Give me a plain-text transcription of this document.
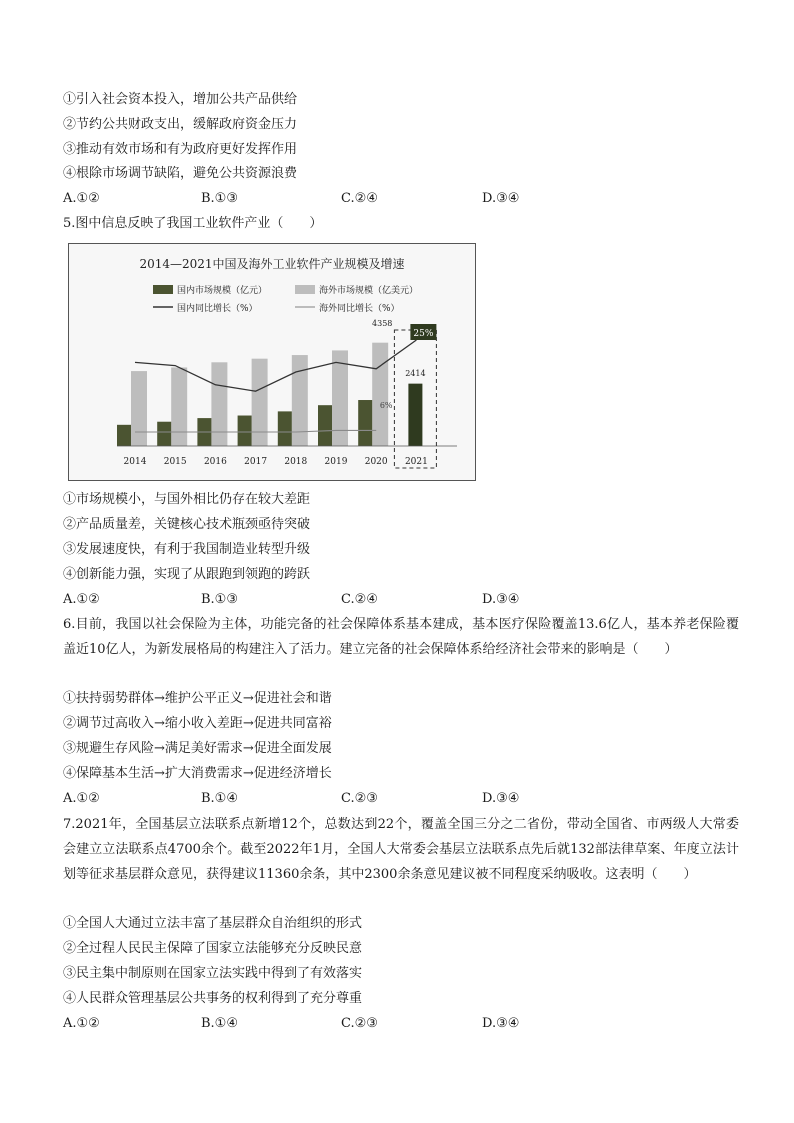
①引入社会资本投入，增加公共产品供给
②节约公共财政支出，缓解政府资金压力
③推动有效市场和有为政府更好发挥作用
④根除市场调节缺陷，避免公共资源浪费
A.①②	B.①③	C.②④	D.③④
5.图中信息反映了我国工业软件产业（　　）
2014—2021中国及海外工业软件产业规模及增速
国内市场规模（亿元）	海外市场规模（亿美元）
国内同比增长（%）	海外同比增长（%）
2014 2015 2016 2017 2018 2019 2020 2021
4358
25%
2414
6%
①市场规模小，与国外相比仍存在较大差距
②产品质量差，关键核心技术瓶颈亟待突破
③发展速度快，有利于我国制造业转型升级
④创新能力强，实现了从跟跑到领跑的跨跃
A.①②	B.①③	C.②④	D.③④
6.目前，我国以社会保险为主体，功能完备的社会保障体系基本建成，基本医疗保险覆盖13.6亿人，基本养老保险覆盖近10亿人，为新发展格局的构建注入了活力。建立完备的社会保障体系给经济社会带来的影响是（　　）
①扶持弱势群体→维护公平正义→促进社会和谐
②调节过高收入→缩小收入差距→促进共同富裕
③规避生存风险→满足美好需求→促进全面发展
④保障基本生活→扩大消费需求→促进经济增长
A.①②	B.①④	C.②③	D.③④
7.2021年，全国基层立法联系点新增12个，总数达到22个，覆盖全国三分之二省份，带动全国省、市两级人大常委会建立立法联系点4700余个。截至2022年1月，全国人大常委会基层立法联系点先后就132部法律草案、年度立法计划等征求基层群众意见，获得建议11360余条，其中2300余条意见建议被不同程度采纳吸收。这表明（　　）
①全国人大通过立法丰富了基层群众自治组织的形式
②全过程人民民主保障了国家立法能够充分反映民意
③民主集中制原则在国家立法实践中得到了有效落实
④人民群众管理基层公共事务的权利得到了充分尊重
A.①②	B.①④	C.②③	D.③④
